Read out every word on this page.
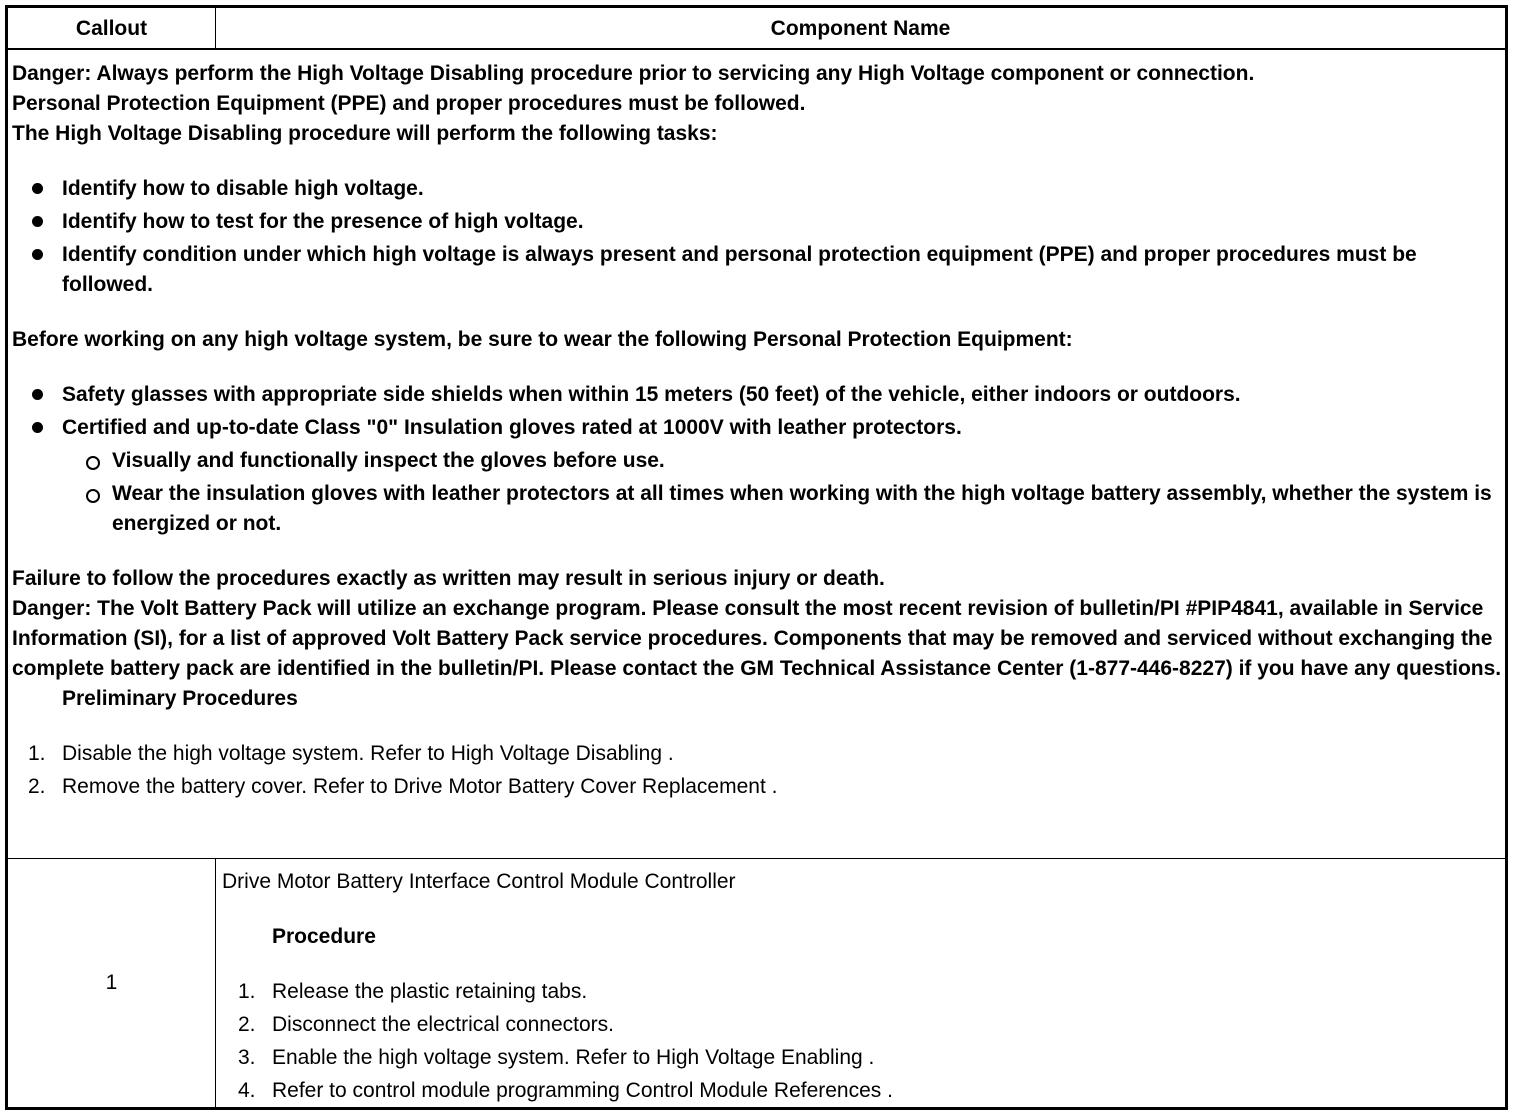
Callout	Component Name

Danger: Always perform the High Voltage Disabling procedure prior to servicing any High Voltage component or connection.

Personal Protection Equipment (PPE) and proper procedures must be followed.

The High Voltage Disabling procedure will perform the following tasks:

Identify how to disable high voltage.
Identify how to test for the presence of high voltage.
Identify condition under which high voltage is always present and personal protection equipment (PPE) and proper procedures must be followed.

Before working on any high voltage system, be sure to wear the following Personal Protection Equipment:

Safety glasses with appropriate side shields when within 15 meters (50 feet) of the vehicle, either indoors or outdoors.
Certified and up-to-date Class "0" Insulation gloves rated at 1000V with leather protectors.
Visually and functionally inspect the gloves before use.
Wear the insulation gloves with leather protectors at all times when working with the high voltage battery assembly, whether the system is energized or not.

Failure to follow the procedures exactly as written may result in serious injury or death.

Danger: The Volt Battery Pack will utilize an exchange program. Please consult the most recent revision of bulletin/PI #PIP4841, available in Service Information (SI), for a list of approved Volt Battery Pack service procedures. Components that may be removed and serviced without exchanging the complete battery pack are identified in the bulletin/PI. Please contact the GM Technical Assistance Center (1-877-446-8227) if you have any questions.

Preliminary Procedures

1. Disable the high voltage system. Refer to High Voltage Disabling .
2. Remove the battery cover. Refer to Drive Motor Battery Cover Replacement .
1

Drive Motor Battery Interface Control Module Controller

Procedure

1. Release the plastic retaining tabs.
2. Disconnect the electrical connectors.
3. Enable the high voltage system. Refer to High Voltage Enabling .
4. Refer to control module programming Control Module References .
